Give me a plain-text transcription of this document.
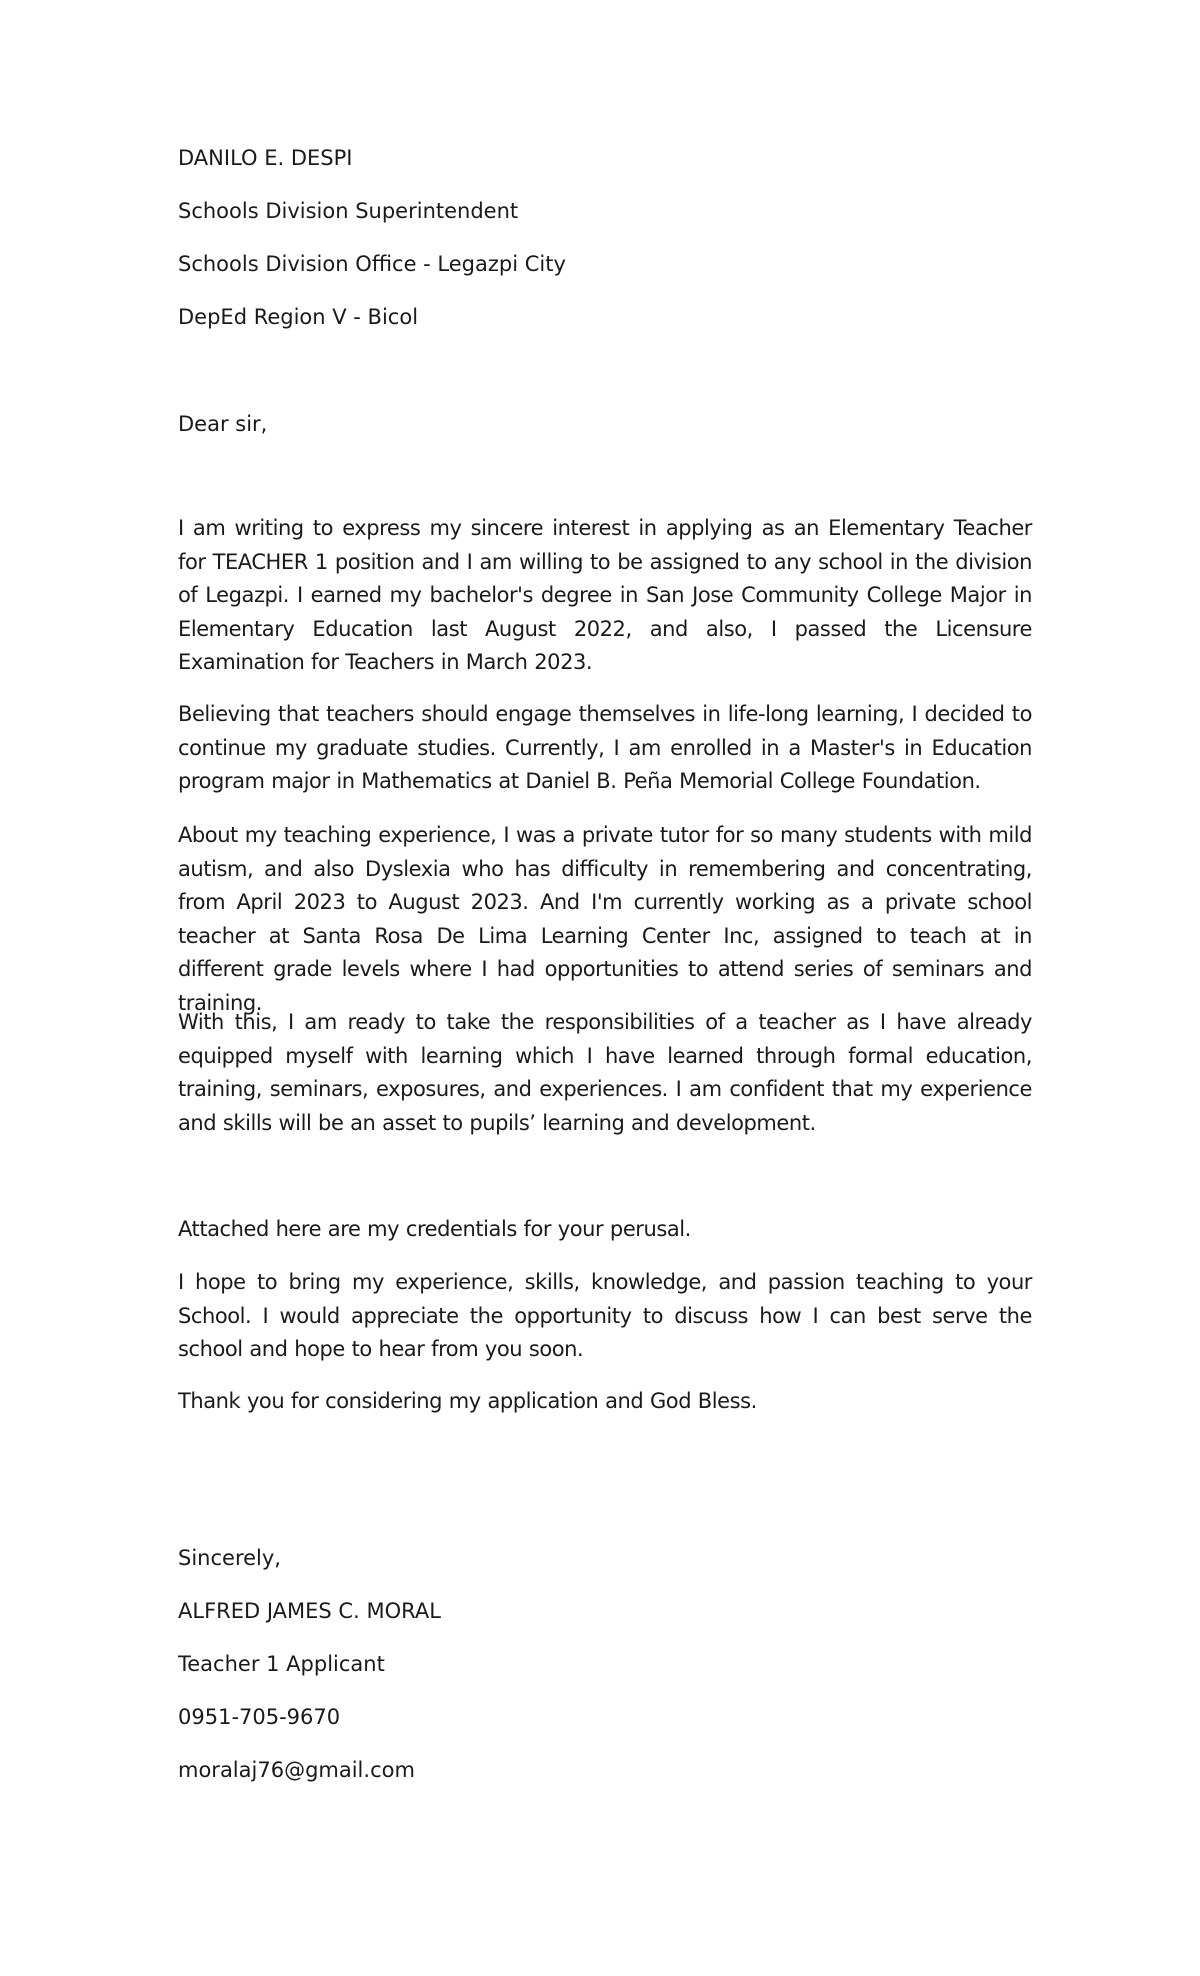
DANILO E. DESPI
Schools Division Superintendent
Schools Division Office - Legazpi City
DepEd Region V - Bicol
Dear sir,

I am writing to express my sincere interest in applying as an Elementary Teacher for TEACHER 1 position and I am willing to be assigned to any school in the division of Legazpi. I earned my bachelor's degree in San Jose Community College Major in Elementary Education last August 2022, and also, I passed the Licensure Examination for Teachers in March 2023.

Believing that teachers should engage themselves in life-long learning, I decided to continue my graduate studies. Currently, I am enrolled in a Master's in Education program major in Mathematics at Daniel B. Peña Memorial College Foundation.

About my teaching experience, I was a private tutor for so many students with mild autism, and also Dyslexia who has difficulty in remembering and concentrating, from April 2023 to August 2023. And I'm currently working as a private school teacher at Santa Rosa De Lima Learning Center Inc, assigned to teach at in different grade levels where I had opportunities to attend series of seminars and training.

With this, I am ready to take the responsibilities of a teacher as I have already equipped myself with learning which I have learned through formal education, training, seminars, exposures, and experiences. I am confident that my experience and skills will be an asset to pupils’ learning and development.

Attached here are my credentials for your perusal.

I hope to bring my experience, skills, knowledge, and passion teaching to your School. I would appreciate the opportunity to discuss how I can best serve the school and hope to hear from you soon.

Thank you for considering my application and God Bless.

Sincerely,
ALFRED JAMES C. MORAL
Teacher 1 Applicant
0951-705-9670
moralaj76@gmail.com
